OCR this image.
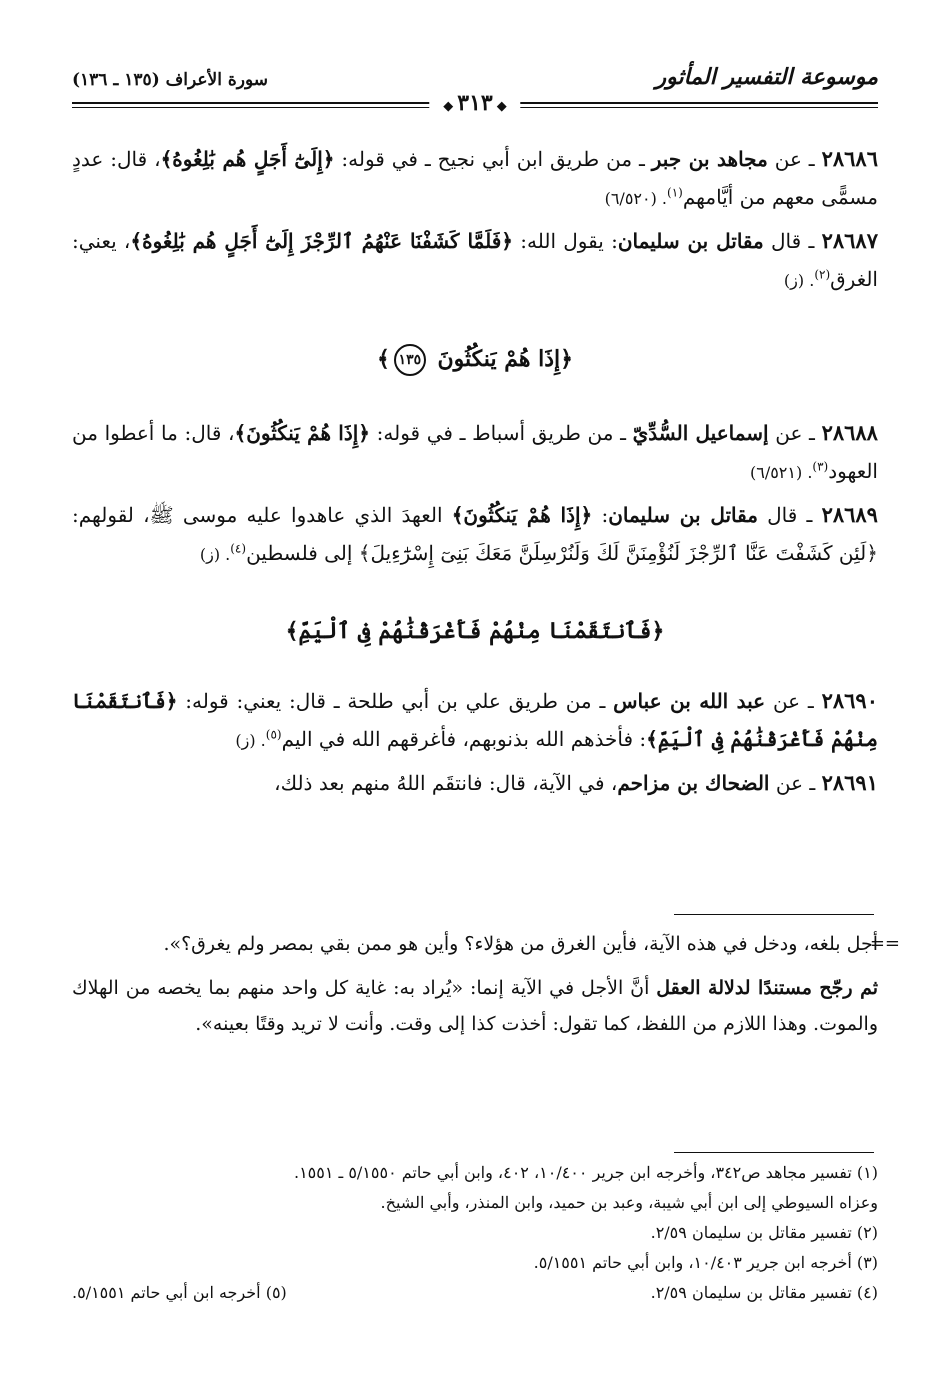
موسوعة التفسير المأثور
سورة الأعراف (١٣٥ ـ ١٣٦)
◆٣١٣◆

٢٨٦٨٦ ـ عن مجاهد بن جبر ـ من طريق ابن أبي نجيح ـ في قوله: ﴿إِلَىٰٓ أَجَلٍ هُم بَٰلِغُوهُ﴾، قال: عددٍ مسمًّى معهم من أيَّامهم$^{(١)}$. (٦/٥٢٠)

٢٨٦٨٧ ـ قال مقاتل بن سليمان: يقول الله: ﴿فَلَمَّا كَشَفْنَا عَنْهُمُ ٱلرِّجْزَ إِلَىٰٓ أَجَلٍ هُم بَٰلِغُوهُ﴾، يعني: الغرق$^{(٢)}$. (ز)

﴿إِذَا هُمْ يَنكُثُونَ ١٣٥﴾

٢٨٦٨٨ ـ عن إسماعيل السُّدِّيّ ـ من طريق أسباط ـ في قوله: ﴿إِذَا هُمْ يَنكُثُونَ﴾، قال: ما أعطوا من العهود$^{(٣)}$. (٦/٥٢١)

٢٨٦٨٩ ـ قال مقاتل بن سليمان: ﴿إِذَا هُمْ يَنكُثُونَ﴾ العهدَ الذي عاهدوا عليه موسى ﷺ، لقولهم: ﴿لَئِن كَشَفْتَ عَنَّا ٱلرِّجْزَ لَنُؤْمِنَنَّ لَكَ وَلَنُرْسِلَنَّ مَعَكَ بَنِىٓ إِسْرَٰٓءِيلَ﴾ إلى فلسطين$^{(٤)}$. (ز)

﴿فَٱنتَقَمْنَا مِنْهُمْ فَأَغْرَقْنَٰهُمْ فِى ٱلْيَمِّ﴾

٢٨٦٩٠ ـ عن عبد الله بن عباس ـ من طريق علي بن أبي طلحة ـ قال: يعني: قوله: ﴿فَٱنتَقَمْنَا مِنْهُمْ فَأَغْرَقْنَٰهُمْ فِى ٱلْيَمِّ﴾: فأخذهم الله بذنوبهم، فأغرقهم الله في اليم$^{(٥)}$. (ز)

٢٨٦٩١ ـ عن الضحاك بن مزاحم، في الآية، قال: فانتقَم اللهُ منهم بعد ذلك،

==

أجل بلغه، ودخل في هذه الآية، فأين الغرق من هؤلاء؟ وأين هو ممن بقي بمصر ولم يغرق؟».

ثم رجّح مستندًا لدلالة العقل أنَّ الأجل في الآية إنما: «يُراد به: غاية كل واحد منهم بما يخصه من الهلاك والموت. وهذا اللازم من اللفظ، كما تقول: أخذت كذا إلى وقت. وأنت لا تريد وقتًا بعينه».

(١) تفسير مجاهد ص٣٤٢، وأخرجه ابن جرير ١٠/٤٠٠، ٤٠٢، وابن أبي حاتم ٥/١٥٥٠ ـ ١٥٥١.

وعزاه السيوطي إلى ابن أبي شيبة، وعبد بن حميد، وابن المنذر، وأبي الشيخ.

(٢) تفسير مقاتل بن سليمان ٢/٥٩.

(٣) أخرجه ابن جرير ١٠/٤٠٣، وابن أبي حاتم ٥/١٥٥١.

(٤) تفسير مقاتل بن سليمان ٢/٥٩.
(٥) أخرجه ابن أبي حاتم ٥/١٥٥١.
